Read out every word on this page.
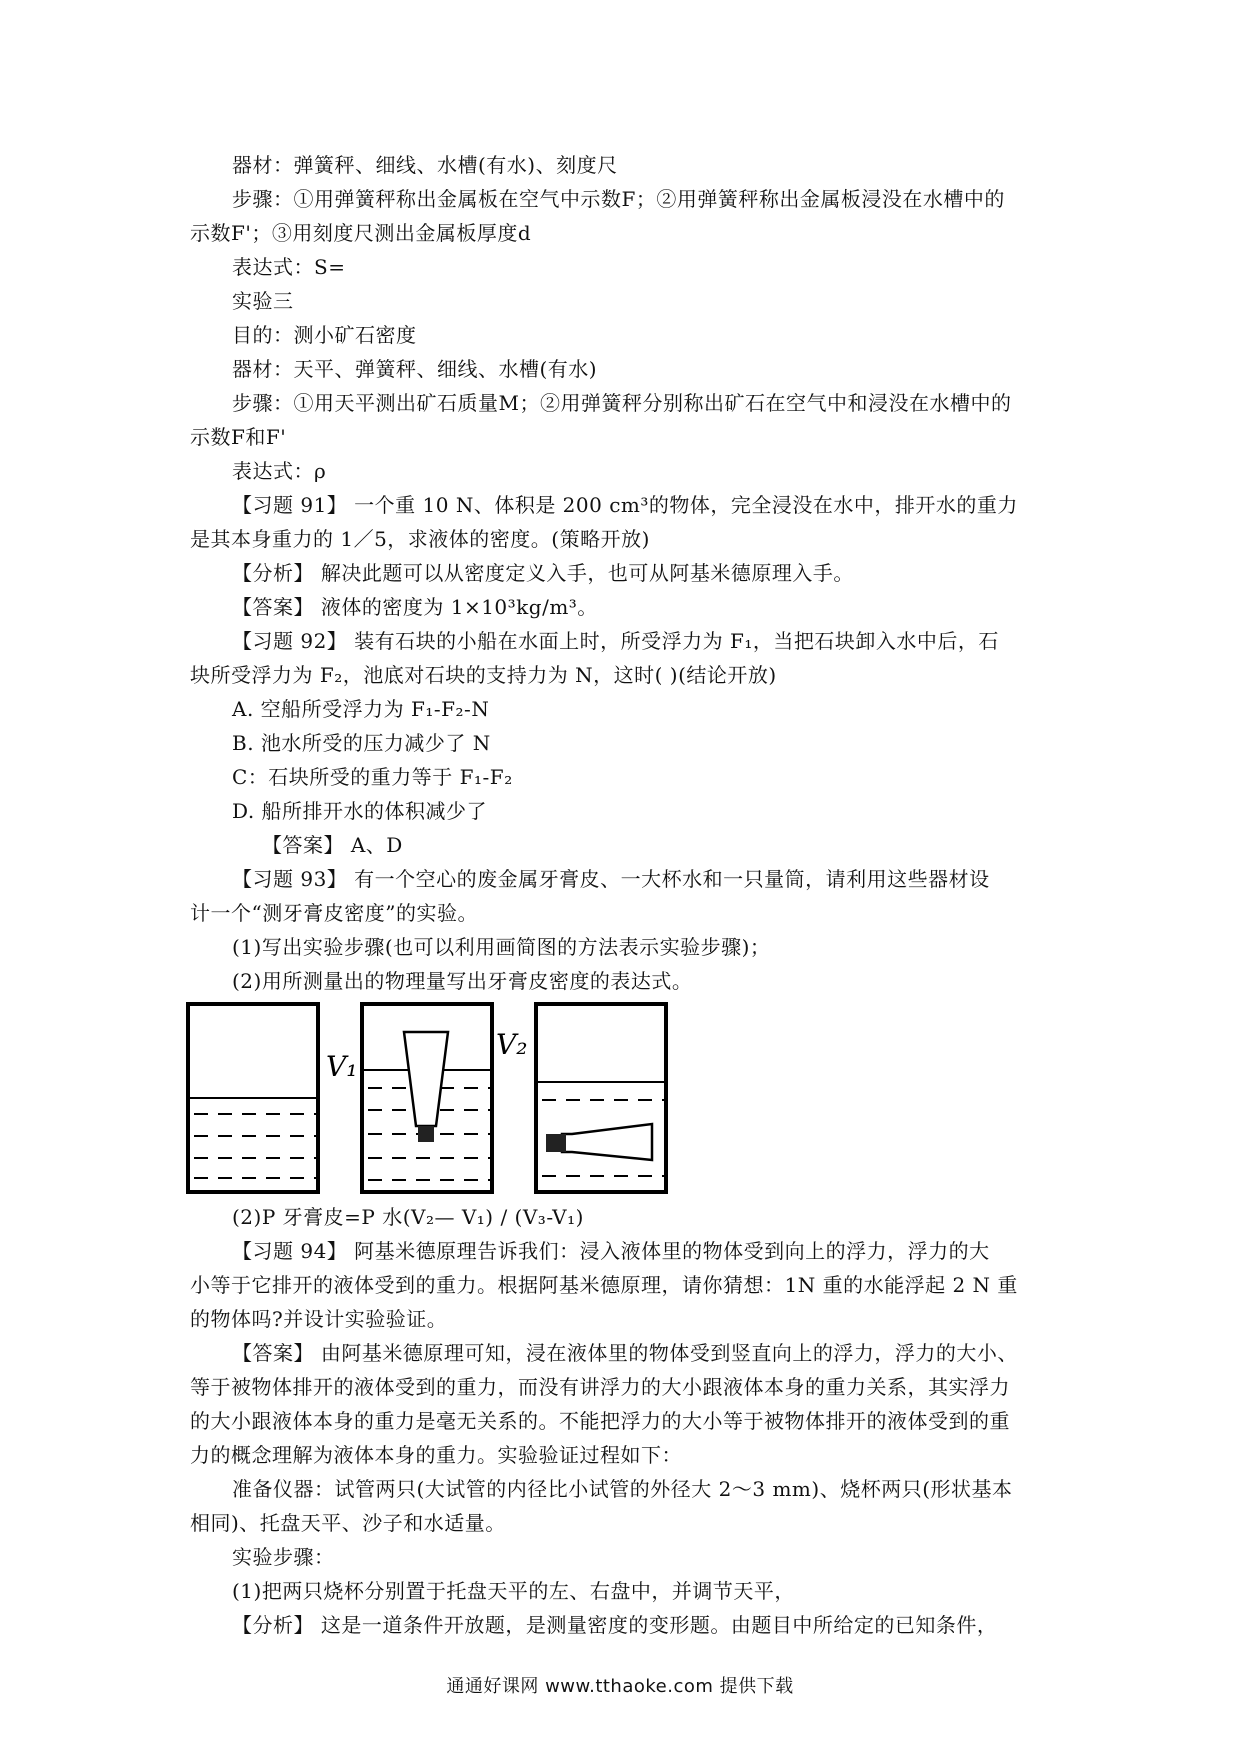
器材：弹簧秤、细线、水槽(有水)、刻度尺
步骤：①用弹簧秤称出金属板在空气中示数F；②用弹簧秤称出金属板浸没在水槽中的
示数F'；③用刻度尺测出金属板厚度d
表达式：S=
实验三
目的：测小矿石密度
器材：天平、弹簧秤、细线、水槽(有水)
步骤：①用天平测出矿石质量M；②用弹簧秤分别称出矿石在空气中和浸没在水槽中的
示数F和F'
表达式：ρ
【习题 91】 一个重 10 N、体积是 200 cm³的物体，完全浸没在水中，排开水的重力
是其本身重力的 1／5，求液体的密度。(策略开放)
【分析】 解决此题可以从密度定义入手，也可从阿基米德原理入手。
【答案】 液体的密度为 1×10³kg/m³。
【习题 92】 装有石块的小船在水面上时，所受浮力为 F₁，当把石块卸入水中后，石
块所受浮力为 F₂，池底对石块的支持力为 N，这时( )(结论开放)
A. 空船所受浮力为 F₁-F₂-N
B. 池水所受的压力减少了 N
C：石块所受的重力等于 F₁-F₂
D. 船所排开水的体积减少了
【答案】 A、D
【习题 93】 有一个空心的废金属牙膏皮、一大杯水和一只量筒，请利用这些器材设
计一个“测牙膏皮密度”的实验。
(1)写出实验步骤(也可以利用画简图的方法表示实验步骤)；
(2)用所测量出的物理量写出牙膏皮密度的表达式。
V₁
V₂
(2)P 牙膏皮=P 水(V₂— V₁) / (V₃-V₁)
【习题 94】 阿基米德原理告诉我们：浸入液体里的物体受到向上的浮力，浮力的大
小等于它排开的液体受到的重力。根据阿基米德原理，请你猜想：1N 重的水能浮起 2 N 重
的物体吗?并设计实验验证。
【答案】 由阿基米德原理可知，浸在液体里的物体受到竖直向上的浮力，浮力的大小、
等于被物体排开的液体受到的重力，而没有讲浮力的大小跟液体本身的重力关系，其实浮力
的大小跟液体本身的重力是毫无关系的。不能把浮力的大小等于被物体排开的液体受到的重
力的概念理解为液体本身的重力。实验验证过程如下：
准备仪器：试管两只(大试管的内径比小试管的外径大 2～3 mm)、烧杯两只(形状基本
相同)、托盘天平、沙子和水适量。
实验步骤：
(1)把两只烧杯分别置于托盘天平的左、右盘中，并调节天平，
【分析】 这是一道条件开放题，是测量密度的变形题。由题目中所给定的已知条件，
通通好课网 www.tthaoke.com 提供下载
